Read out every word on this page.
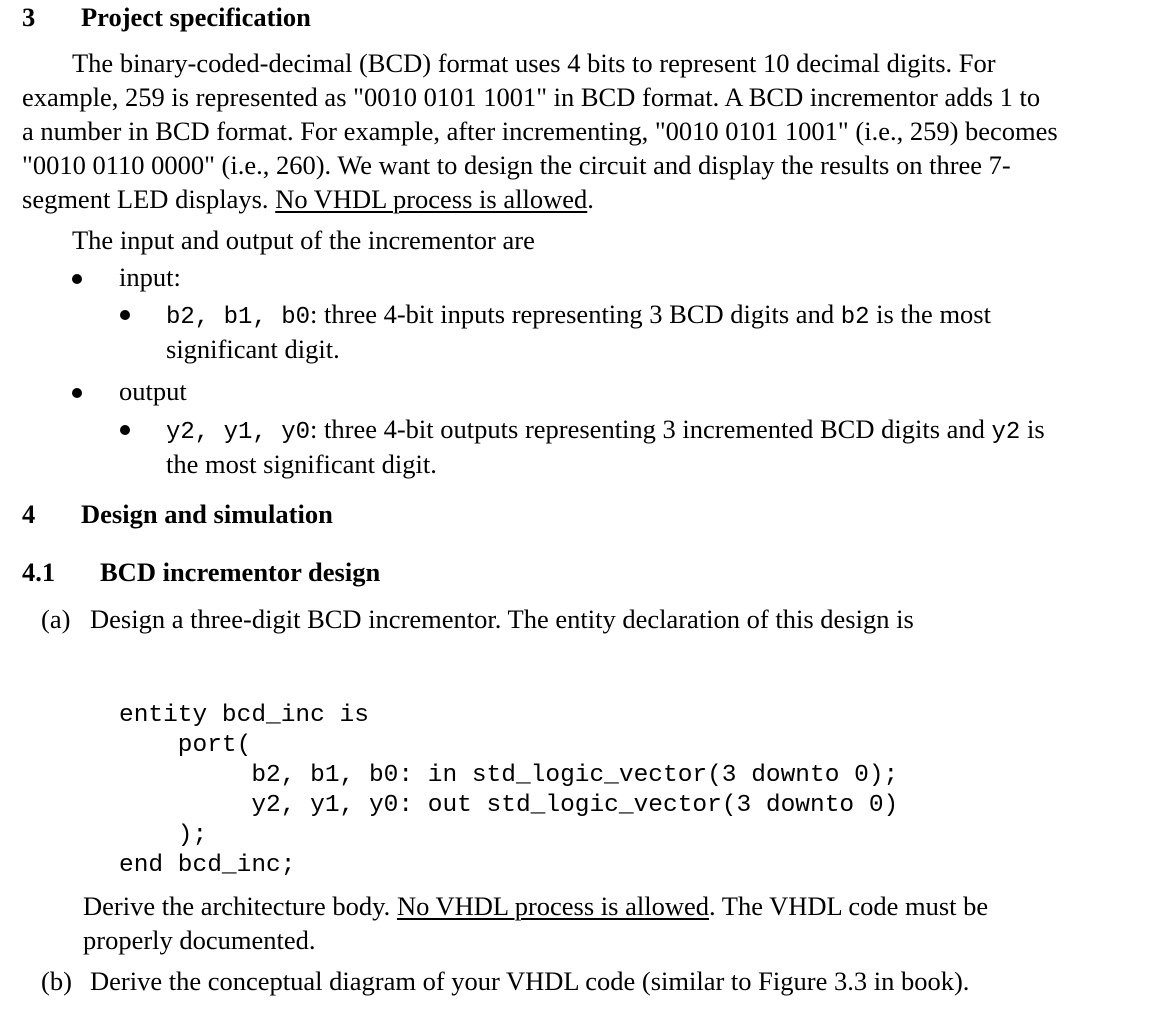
3 Project specification
The binary-coded-decimal (BCD) format uses 4 bits to represent 10 decimal digits. For
example, 259 is represented as "0010 0101 1001" in BCD format. A BCD incrementor adds 1 to
a number in BCD format. For example, after incrementing, "0010 0101 1001" (i.e., 259) becomes
"0010 0110 0000" (i.e., 260). We want to design the circuit and display the results on three 7-
segment LED displays. No VHDL process is allowed.
The input and output of the incrementor are
input:
b2, b1, b0: three 4-bit inputs representing 3 BCD digits and b2 is the most
significant digit.
output
y2, y1, y0: three 4-bit outputs representing 3 incremented BCD digits and y2 is
the most significant digit.
4 Design and simulation
4.1 BCD incrementor design
(a) Design a three-digit BCD incrementor. The entity declaration of this design is

entity bcd_inc is
port(
b2, b1, b0: in std_logic_vector(3 downto 0);
y2, y1, y0: out std_logic_vector(3 downto 0)
);
end bcd_inc;

Derive the architecture body. No VHDL process is allowed. The VHDL code must be
properly documented.
(b) Derive the conceptual diagram of your VHDL code (similar to Figure 3.3 in book).
